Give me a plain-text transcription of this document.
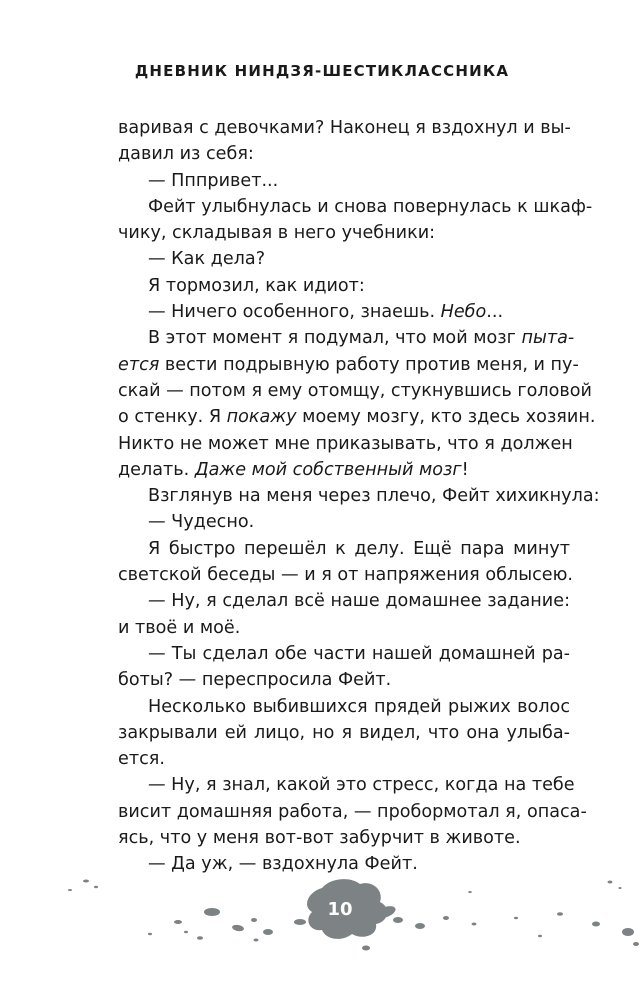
ДНЕВНИК НИНДЗЯ-ШЕСТИКЛАССНИКА
варивая с девочками? Наконец я вздохнул и вы-
давил из себя:
— Пппривет...
Фейт улыбнулась и снова повернулась к шкаф-
чику, складывая в него учебники:
— Как дела?
Я тормозил, как идиот:
— Ничего особенного, знаешь. Небо...
В этот момент я подумал, что мой мозг пыта-
ется вести подрывную работу против меня, и пу-
скай — потом я ему отомщу, стукнувшись головой
о стенку. Я покажу моему мозгу, кто здесь хозяин.
Никто не может мне приказывать, что я должен
делать. Даже мой собственный мозг!
Взглянув на меня через плечо, Фейт хихикнула:
— Чудесно.
Я быстро перешёл к делу. Ещё пара минут
светской беседы — и я от напряжения облысею.
— Ну, я сделал всё наше домашнее задание:
и твоё и моё.
— Ты сделал обе части нашей домашней ра-
боты? — переспросила Фейт.
Несколько выбившихся прядей рыжих волос
закрывали ей лицо, но я видел, что она улыба-
ется.
— Ну, я знал, какой это стресс, когда на тебе
висит домашняя работа, — пробормотал я, опаса-
ясь, что у меня вот-вот забурчит в животе.
— Да уж, — вздохнула Фейт.
10
